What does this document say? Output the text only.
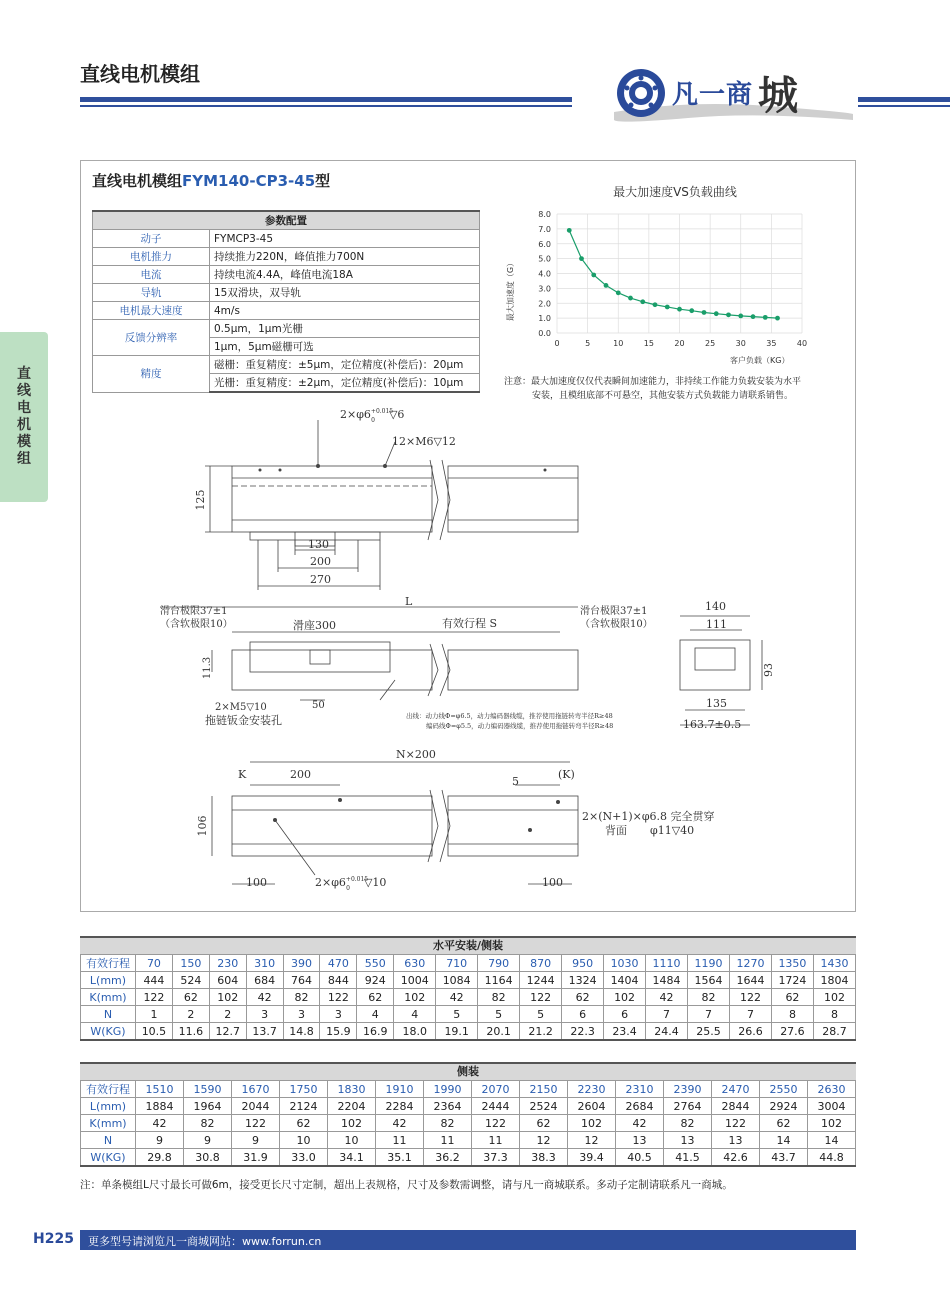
直线电机模组
凡一商 城
直线电机模组
直线电机模组FYM140-CP3-45型
参数配置	
动子	FYMCP3-45
电机推力	持续推力220N，峰值推力700N
电流	持续电流4.4A，峰值电流18A
导轨	15双滑块，双导轨
电机最大速度	4m/s
反馈分辨率	0.5μm，1μm光栅
	1μm，5μm磁栅可选
精度	磁栅：重复精度：±5μm，定位精度(补偿后)：20μm
	光栅：重复精度：±2μm，定位精度(补偿后)：10μm
最大加速度VS负载曲线
0	5	10	15	20	25	30	35	40
0.0
1.0
2.0
3.0
4.0
5.0
6.0
7.0
8.0
客户负载（KG）
最大加速度（G）
注意：最大加速度仅仅代表瞬间加速能力，非持续工作能力负载安装为水平
安装，且模组底部不可悬空，其他安装方式负载能力请联系销售。
$2\times\varphi 6^{+0.015}$ 0 ▽6
12×M6▽12
125
130
200
270
L
滑台极限37±1
（含软极限10）
滑台极限37±1
（含软极限10）
滑座300	有效行程 S
11.3
2×M5▽10
拖链钣金安装孔
50
出线：动力线Φ=φ6.5，动力编码器线缆，推荐使用拖链转弯半径R≥48
编码线Φ=φ5.5，动力编码器线缆，推荐使用拖链转弯半径R≥48
140
111
93
135
163.7±0.5
N×200
K	200
5
(K)
106
100	100
2×(N+1)×φ6.8 完全贯穿
背面 φ11▽40
$2\times\varphi 6^{+0.015}$ 0 ▽10
水平安装/侧装
有效行程	70	150	230	310	390	470	550	630	710	790	870	950	1030	1110	1190	1270	1350	1430
L(mm)	444	524	604	684	764	844	924	1004	1084	1164	1244	1324	1404	1484	1564	1644	1724	1804
K(mm)	122	62	102	42	82	122	62	102	42	82	122	62	102	42	82	122	62	102
N	1	2	2	3	3	3	4	4	5	5	5	6	6	7	7	7	8	8
W(KG)	10.5	11.6	12.7	13.7	14.8	15.9	16.9	18.0	19.1	20.1	21.2	22.3	23.4	24.4	25.5	26.6	27.6	28.7
侧装
有效行程	1510	1590	1670	1750	1830	1910	1990	2070	2150	2230	2310	2390	2470	2550	2630
L(mm)	1884	1964	2044	2124	2204	2284	2364	2444	2524	2604	2684	2764	2844	2924	3004
K(mm)	42	82	122	62	102	42	82	122	62	102	42	82	122	62	102
N	9	9	9	10	10	11	11	11	12	12	13	13	13	14	14
W(KG)	29.8	30.8	31.9	33.0	34.1	35.1	36.2	37.3	38.3	39.4	40.5	41.5	42.6	43.7	44.8
注：单条模组L尺寸最长可做6m，接受更长尺寸定制，超出上表规格，尺寸及参数需调整，请与凡一商城联系。多动子定制请联系凡一商城。
H225 更多型号请浏览凡一商城网站：www.forrun.cn
